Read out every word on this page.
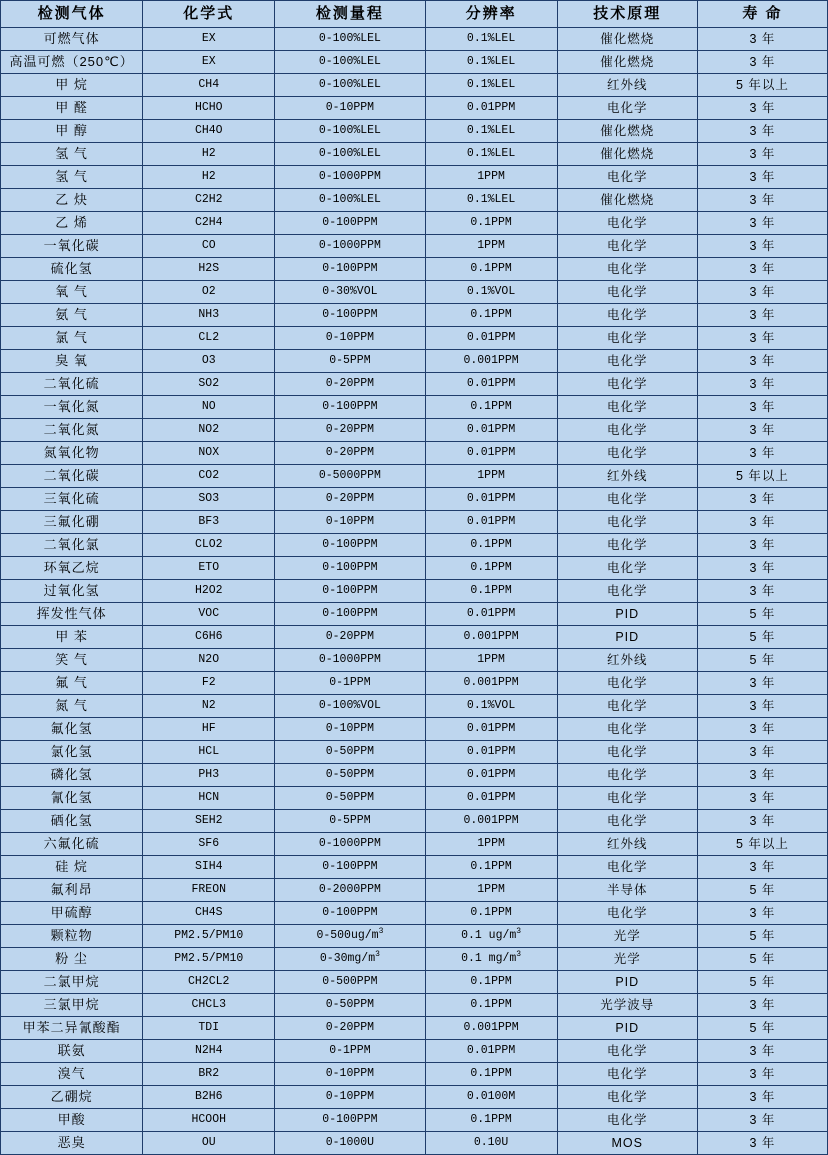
检测气体	化学式	检测量程	分辨率	技术原理	寿 命
可燃气体	EX	0-100%LEL	0.1%LEL	催化燃烧	3 年
高温可燃（250℃）	EX	0-100%LEL	0.1%LEL	催化燃烧	3 年
甲 烷	CH4	0-100%LEL	0.1%LEL	红外线	5 年以上
甲 醛	HCHO	0-10PPM	0.01PPM	电化学	3 年
甲 醇	CH4O	0-100%LEL	0.1%LEL	催化燃烧	3 年
氢 气	H2	0-100%LEL	0.1%LEL	催化燃烧	3 年
氢 气	H2	0-1000PPM	1PPM	电化学	3 年
乙 炔	C2H2	0-100%LEL	0.1%LEL	催化燃烧	3 年
乙 烯	C2H4	0-100PPM	0.1PPM	电化学	3 年
一氧化碳	CO	0-1000PPM	1PPM	电化学	3 年
硫化氢	H2S	0-100PPM	0.1PPM	电化学	3 年
氧 气	O2	0-30%VOL	0.1%VOL	电化学	3 年
氨 气	NH3	0-100PPM	0.1PPM	电化学	3 年
氯 气	CL2	0-10PPM	0.01PPM	电化学	3 年
臭 氧	O3	0-5PPM	0.001PPM	电化学	3 年
二氧化硫	SO2	0-20PPM	0.01PPM	电化学	3 年
一氧化氮	NO	0-100PPM	0.1PPM	电化学	3 年
二氧化氮	NO2	0-20PPM	0.01PPM	电化学	3 年
氮氧化物	NOX	0-20PPM	0.01PPM	电化学	3 年
二氧化碳	CO2	0-5000PPM	1PPM	红外线	5 年以上
三氧化硫	SO3	0-20PPM	0.01PPM	电化学	3 年
三氟化硼	BF3	0-10PPM	0.01PPM	电化学	3 年
二氧化氯	CLO2	0-100PPM	0.1PPM	电化学	3 年
环氧乙烷	ETO	0-100PPM	0.1PPM	电化学	3 年
过氧化氢	H2O2	0-100PPM	0.1PPM	电化学	3 年
挥发性气体	VOC	0-100PPM	0.01PPM	PID	5 年
甲 苯	C6H6	0-20PPM	0.001PPM	PID	5 年
笑 气	N2O	0-1000PPM	1PPM	红外线	5 年
氟 气	F2	0-1PPM	0.001PPM	电化学	3 年
氮 气	N2	0-100%VOL	0.1%VOL	电化学	3 年
氟化氢	HF	0-10PPM	0.01PPM	电化学	3 年
氯化氢	HCL	0-50PPM	0.01PPM	电化学	3 年
磷化氢	PH3	0-50PPM	0.01PPM	电化学	3 年
氰化氢	HCN	0-50PPM	0.01PPM	电化学	3 年
硒化氢	SEH2	0-5PPM	0.001PPM	电化学	3 年
六氟化硫	SF6	0-1000PPM	1PPM	红外线	5 年以上
硅 烷	SIH4	0-100PPM	0.1PPM	电化学	3 年
氟利昂	FREON	0-2000PPM	1PPM	半导体	5 年
甲硫醇	CH4S	0-100PPM	0.1PPM	电化学	3 年
颗粒物	PM2.5/PM10	$0-500ug/m^3$	0.1 $ug/m^3$	光学	5 年
粉 尘	PM2.5/PM10	$0-30mg/m^3$	0.1 $mg/m^3$	光学	5 年
二氯甲烷	CH2CL2	0-500PPM	0.1PPM	PID	5 年
三氯甲烷	CHCL3	0-50PPM	0.1PPM	光学波导	3 年
甲苯二异氰酸酯	TDI	0-20PPM	0.001PPM	PID	5 年
联氨	N2H4	0-1PPM	0.01PPM	电化学	3 年
溴气	BR2	0-10PPM	0.1PPM	电化学	3 年
乙硼烷	B2H6	0-10PPM	0.0100M	电化学	3 年
甲酸	HCOOH	0-100PPM	0.1PPM	电化学	3 年
恶臭	OU	0-1000U	0.10U	MOS	3 年
